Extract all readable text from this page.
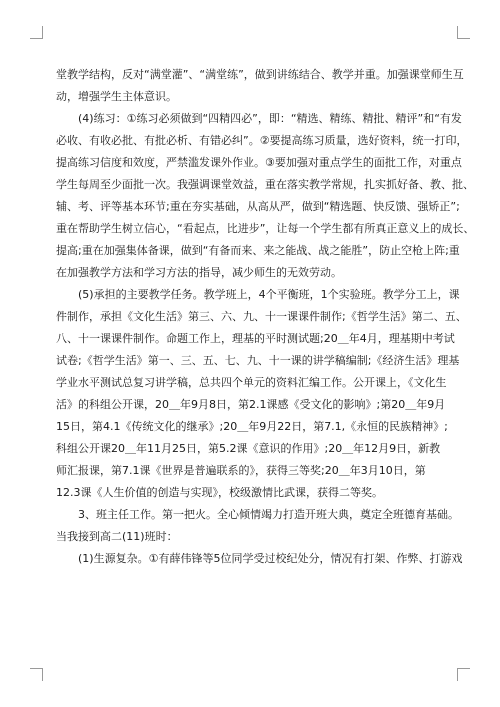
堂教学结构，反对“满堂灌”、“满堂练”，做到讲练结合、教学并重。加强课堂师生互
动，增强学生主体意识。

(4)练习：①练习必须做到“四精四必”，即：“精选、精练、精批、精评”和“有发
必收、有收必批、有批必析、有错必纠”。②要提高练习质量，选好资料，统一打印，
提高练习信度和效度，严禁滥发课外作业。③要加强对重点学生的面批工作，对重点
学生每周至少面批一次。我强调课堂效益，重在落实教学常规，扎实抓好备、教、批、
辅、考、评等基本环节;重在夯实基础，从高从严，做到“精选题、快反馈、强矫正”;
重在帮助学生树立信心，“看起点，比进步”，让每一个学生都有所真正意义上的成长、
提高;重在加强集体备课，做到“有备而来、来之能战、战之能胜”，防止空枪上阵;重
在加强教学方法和学习方法的指导，减少师生的无效劳动。

(5)承担的主要教学任务。教学班上，4个平衡班，1个实验班。教学分工上，课
件制作，承担《文化生活》第三、六、九、十一课课件制作;《哲学生活》第二、五、
八、十一课课件制作。命题工作上，理基的平时测试题;20＿年4月，理基期中考试
试卷;《哲学生活》第一、三、五、七、九、十一课的讲学稿编制;《经济生活》理基
学业水平测试总复习讲学稿，总共四个单元的资料汇编工作。公开课上，《文化生
活》的科组公开课，20＿年9月8日，第2.1课感《受文化的影响》;第20＿年9月
15日，第4.1《传统文化的继承》;20＿年9月22日，第7.1,《永恒的民族精神》;
科组公开课20＿年11月25日，第5.2课《意识的作用》;20＿年12月9日，新教
师汇报课，第7.1课《世界是普遍联系的》，获得三等奖;20＿年3月10日，第
12.3课《人生价值的创造与实现》，校级激情比武课，获得二等奖。

3、班主任工作。第一把火。全心倾情竭力打造开班大典，奠定全班德育基础。
当我接到高二(11)班时：

(1)生源复杂。①有薛伟锋等5位同学受过校纪处分，情况有打架、作弊、打游戏
